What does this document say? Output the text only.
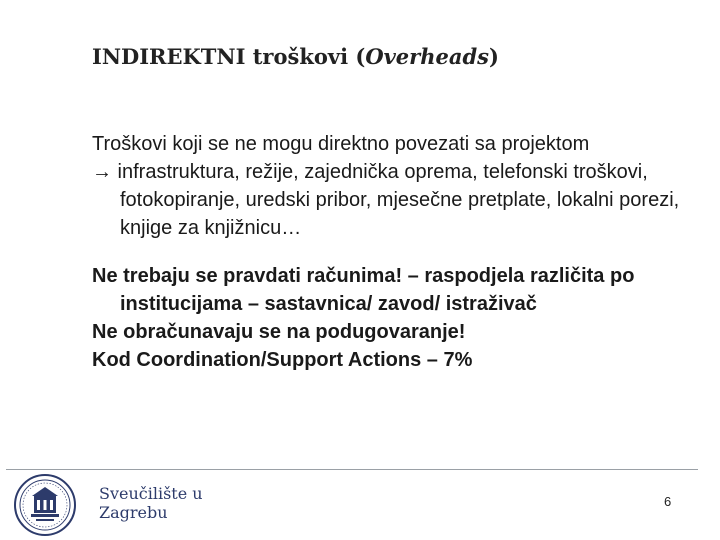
INDIREKTNI troškovi (Overheads)

Troškovi koji se ne mogu direktno povezati sa projektom

→ infrastruktura, režije, zajednička oprema, telefonski troškovi, fotokopiranje, uredski pribor, mjesečne pretplate, lokalni porezi, knjige za knjižnicu…

Ne trebaju se pravdati računima! – raspodjela različita po institucijama – sastavnica/ zavod/ istraživač

Ne obračunavaju se na podugovaranje!

Kod Coordination/Support Actions – 7%

Sveučilište u
Zagrebu
6
